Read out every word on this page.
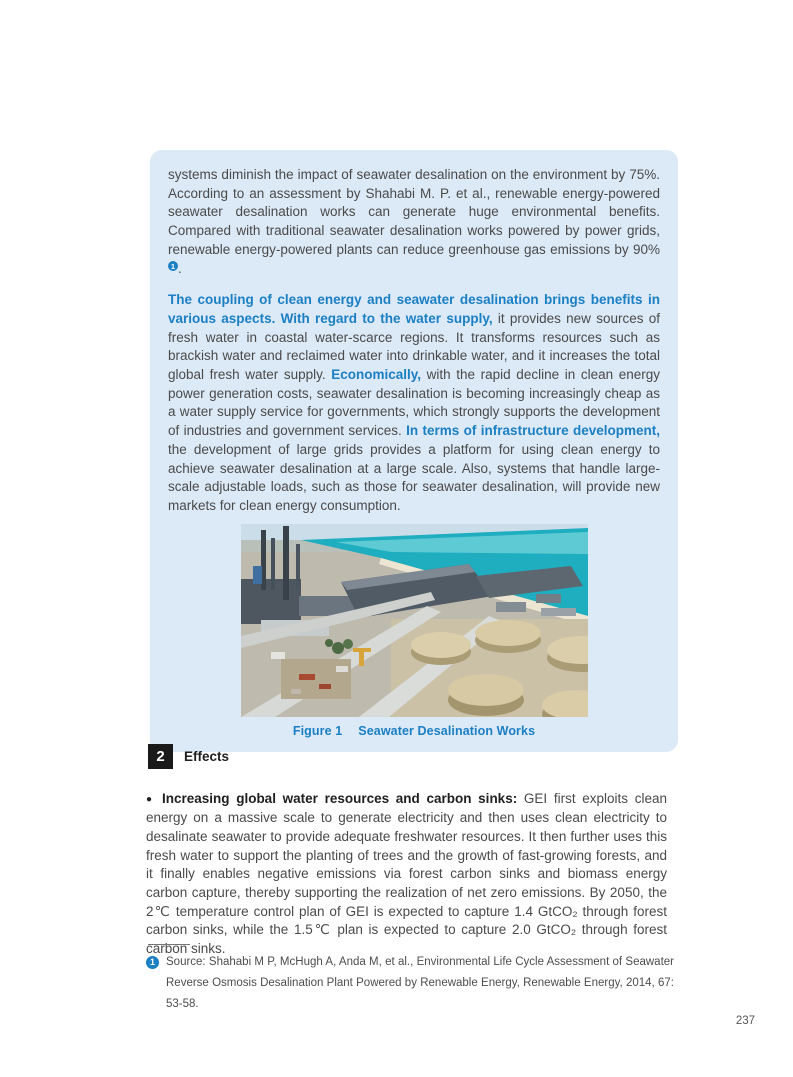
systems diminish the impact of seawater desalination on the environment by 75%. According to an assessment by Shahabi M. P. et al., renewable energy-powered seawater desalination works can generate huge environmental benefits. Compared with traditional seawater desalination works powered by power grids, renewable energy-powered plants can reduce greenhouse gas emissions by 90%
1 .

The coupling of clean energy and seawater desalination brings benefits in various aspects. With regard to the water supply, it provides new sources of fresh water in coastal water-scarce regions. It transforms resources such as brackish water and reclaimed water into drinkable water, and it increases the total global fresh water supply. Economically, with the rapid decline in clean energy power generation costs, seawater desalination is becoming increasingly cheap as a water supply service for governments, which strongly supports the development of industries and government services. In terms of infrastructure development, the development of large grids provides a platform for using clean energy to achieve seawater desalination at a large scale. Also, systems that handle large-scale adjustable loads, such as those for seawater desalination, will provide new markets for clean energy consumption.

Figure 1 Seawater Desalination Works
2	Effects

● Increasing global water resources and carbon sinks: GEI first exploits clean energy on a massive scale to generate electricity and then uses clean electricity to desalinate seawater to provide adequate freshwater resources. It then further uses this fresh water to support the planting of trees and the growth of fast-growing forests, and it finally enables negative emissions via forest carbon sinks and biomass energy carbon capture, thereby supporting the realization of net zero emissions. By 2050, the 2℃ temperature control plan of GEI is expected to capture 1.4 GtCO₂ through forest carbon sinks, while the 1.5℃ plan is expected to capture 2.0 GtCO₂ through forest carbon sinks.

1 Source: Shahabi M P, McHugh A, Anda M, et al., Environmental Life Cycle Assessment of Seawater Reverse Osmosis Desalination Plant Powered by Renewable Energy, Renewable Energy, 2014, 67: 53-58.
237
